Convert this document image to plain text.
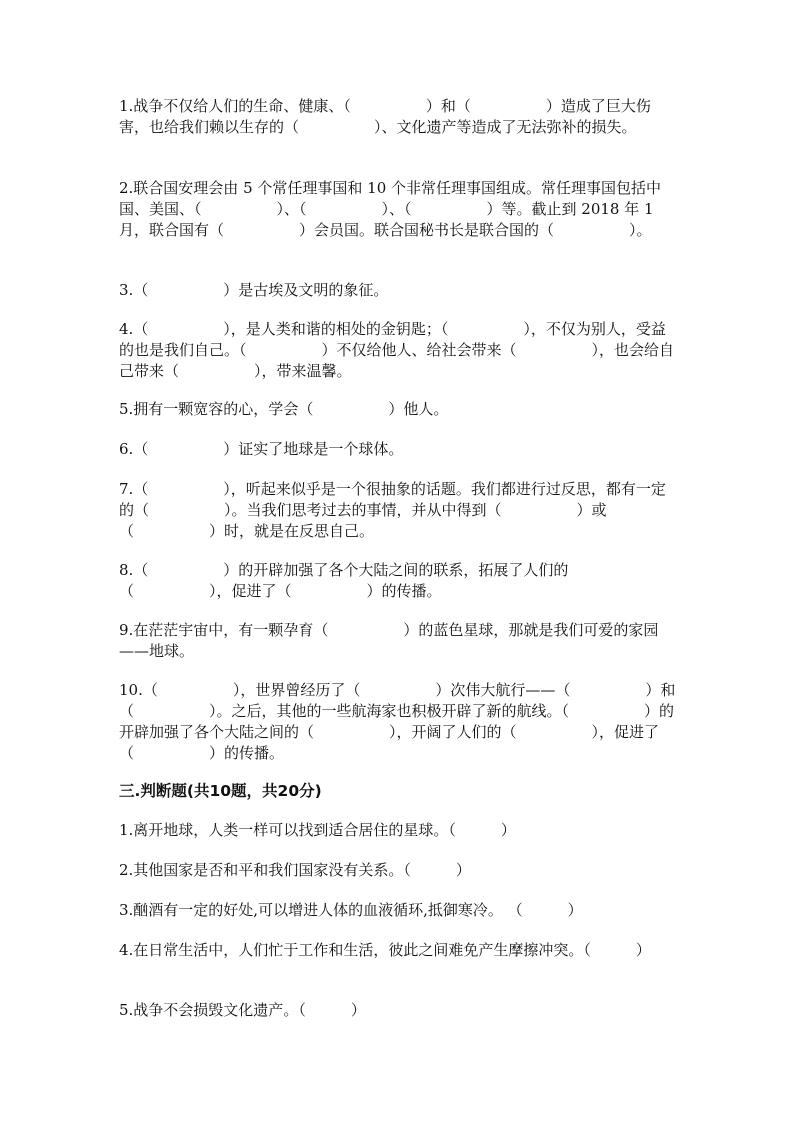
1.战争不仅给人们的生命、健康、（　　　　　）和（　　　　　）造成了巨大伤害，也给我们赖以生存的（　　　　　）、文化遗产等造成了无法弥补的损失。

2.联合国安理会由 5 个常任理事国和 10 个非常任理事国组成。常任理事国包括中国、美国、（　　　　　）、（　　　　　）、（　　　　　）等。截止到 2018 年 1 月，联合国有（　　　　　）会员国。联合国秘书长是联合国的（　　　　　）。

3.（　　　　　）是古埃及文明的象征。

4.（　　　　　），是人类和谐的相处的金钥匙；（　　　　　），不仅为别人，受益的也是我们自己。（　　　　　）不仅给他人、给社会带来（　　　　　），也会给自己带来（　　　　　），带来温馨。

5.拥有一颗宽容的心，学会（　　　　　）他人。

6.（　　　　　）证实了地球是一个球体。

7.（　　　　　），听起来似乎是一个很抽象的话题。我们都进行过反思，都有一定的（　　　　　）。当我们思考过去的事情，并从中得到（　　　　　）或（　　　　　）时，就是在反思自己。

8.（　　　　　）的开辟加强了各个大陆之间的联系，拓展了人们的（　　　　　），促进了（　　　　　）的传播。

9.在茫茫宇宙中，有一颗孕育（　　　　　）的蓝色星球，那就是我们可爱的家园——地球。

10.（　　　　　），世界曾经历了（　　　　　）次伟大航行——（　　　　　）和（　　　　　）。之后，其他的一些航海家也积极开辟了新的航线。（　　　　　）的开辟加强了各个大陆之间的（　　　　　），开阔了人们的（　　　　　），促进了（　　　　　）的传播。

三.判断题(共10题，共20分)

1.离开地球，人类一样可以找到适合居住的星球。（　　　）

2.其他国家是否和平和我们国家没有关系。（　　　）

3.酗酒有一定的好处,可以增进人体的血液循环,抵御寒冷。 （　　　）

4.在日常生活中，人们忙于工作和生活，彼此之间难免产生摩擦冲突。（　　　）

5.战争不会损毁文化遗产。（　　　）
